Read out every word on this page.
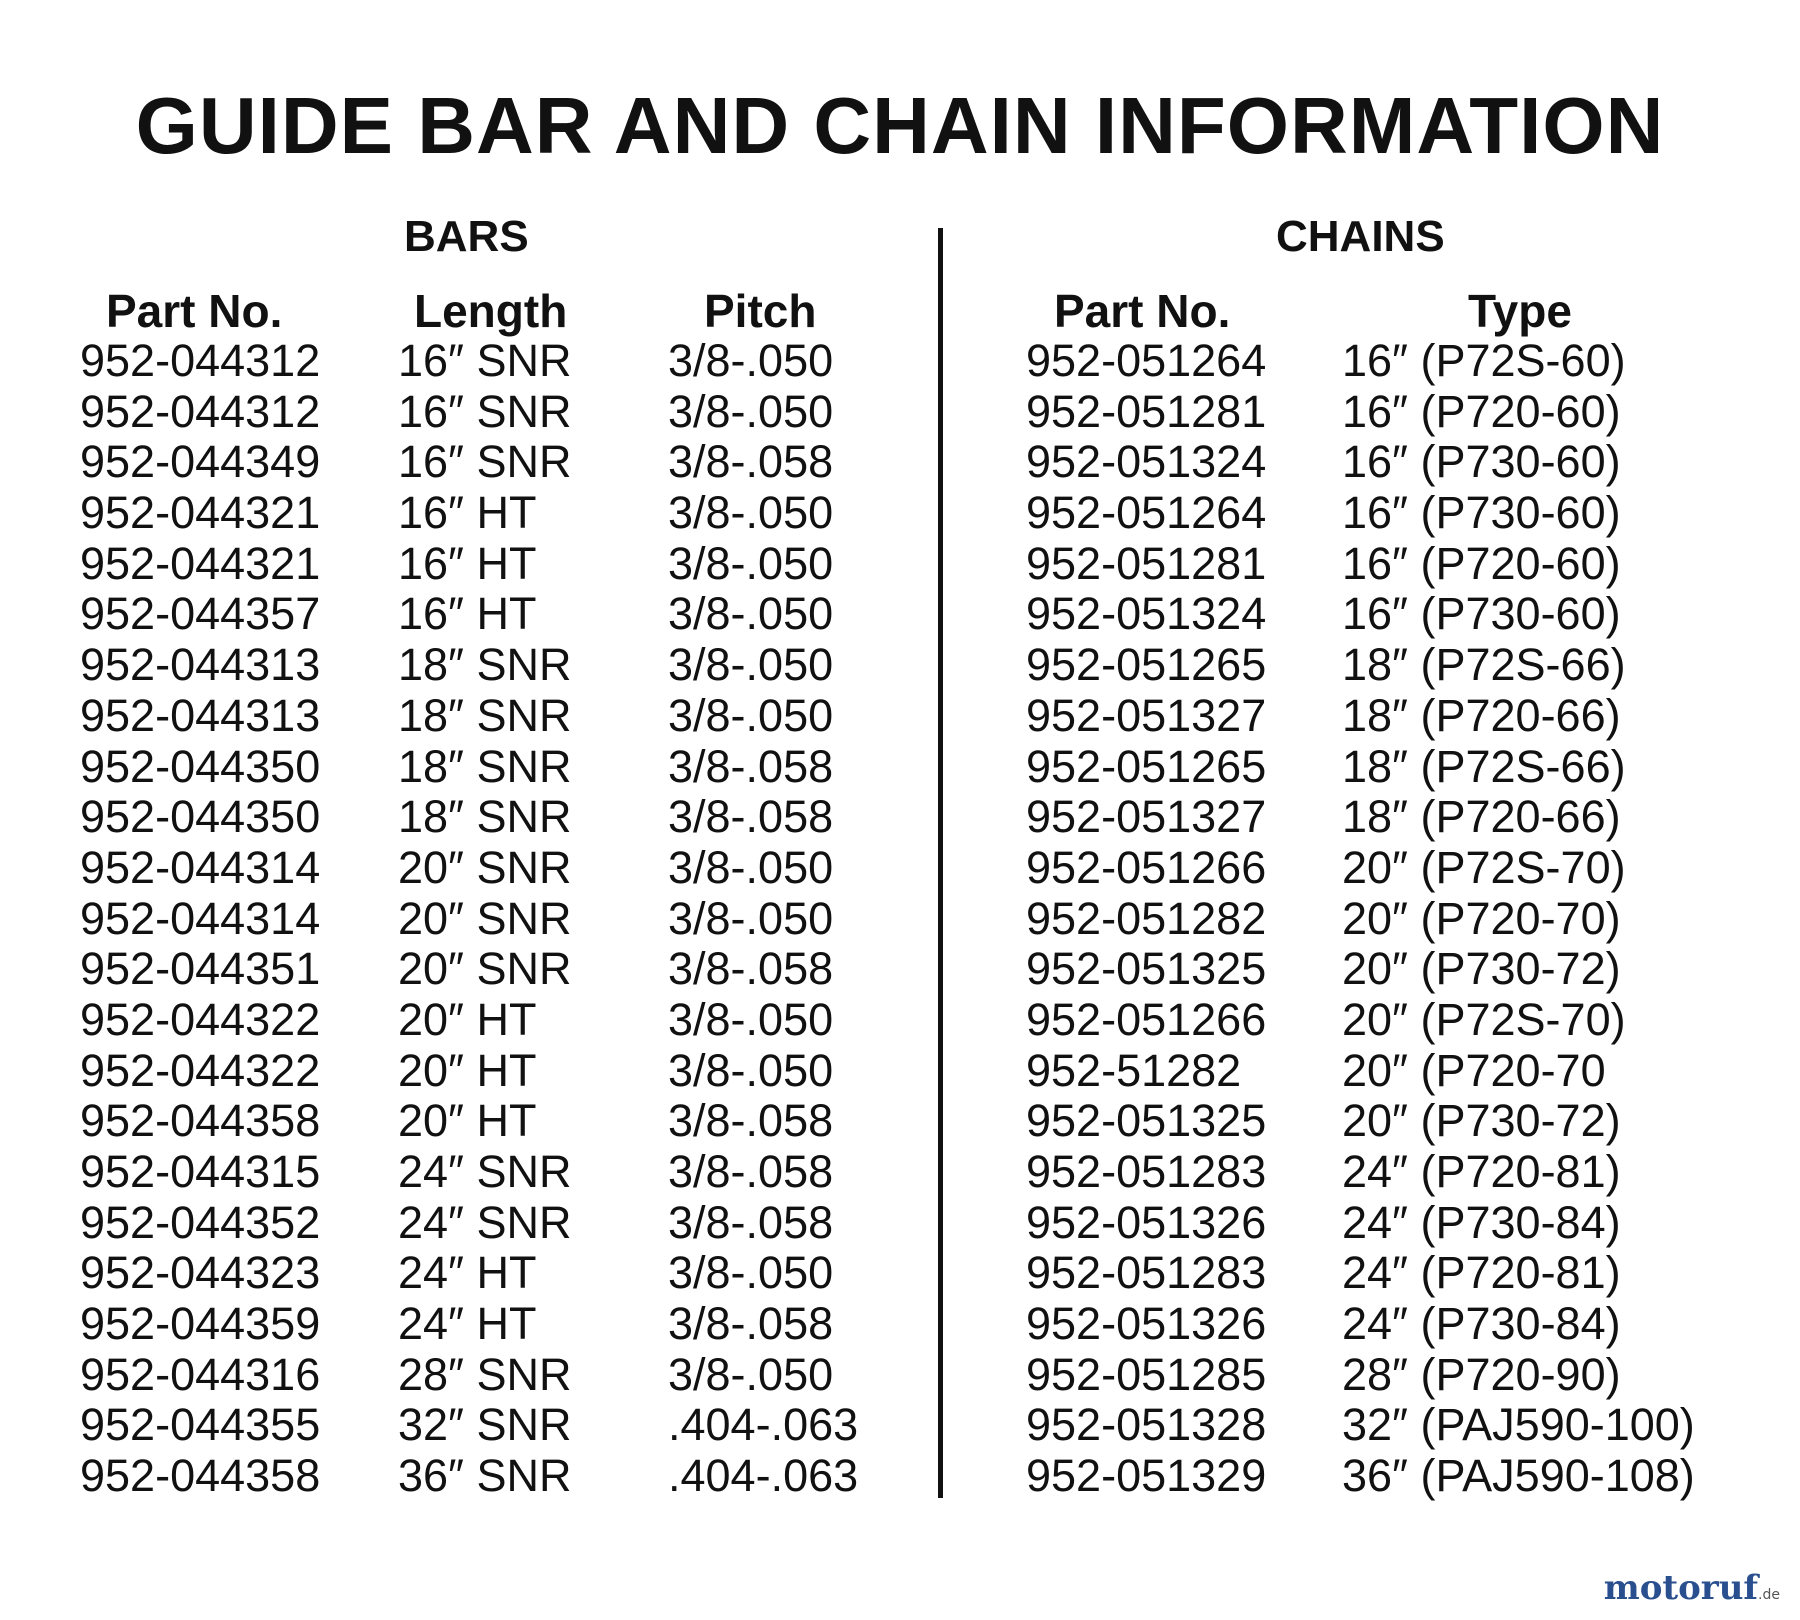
GUIDE BAR AND CHAIN INFORMATION
BARS	CHAINS
Part No.	Length	Pitch	Part No.	Type
952-044312 16″ SNR 3/8-.050	952-051264 16″ (P72S-60)
952-044312 16″ SNR 3/8-.050	952-051281 16″ (P720-60)
952-044349 16″ SNR 3/8-.058	952-051324 16″ (P730-60)
952-044321 16″ HT	3/8-.050	952-051264 16″ (P730-60)
952-044321 16″ HT	3/8-.050	952-051281 16″ (P720-60)
952-044357 16″ HT	3/8-.050	952-051324 16″ (P730-60)
952-044313 18″ SNR 3/8-.050	952-051265 18″ (P72S-66)
952-044313 18″ SNR 3/8-.050	952-051327 18″ (P720-66)
952-044350 18″ SNR 3/8-.058	952-051265 18″ (P72S-66)
952-044350 18″ SNR 3/8-.058	952-051327 18″ (P720-66)
952-044314 20″ SNR 3/8-.050	952-051266 20″ (P72S-70)
952-044314 20″ SNR 3/8-.050	952-051282 20″ (P720-70)
952-044351 20″ SNR 3/8-.058	952-051325 20″ (P730-72)
952-044322 20″ HT	3/8-.050	952-051266 20″ (P72S-70)
952-044322 20″ HT	3/8-.050	952-51282 20″ (P720-70
952-044358 20″ HT	3/8-.058	952-051325 20″ (P730-72)
952-044315 24″ SNR 3/8-.058	952-051283 24″ (P720-81)
952-044352 24″ SNR 3/8-.058	952-051326 24″ (P730-84)
952-044323 24″ HT	3/8-.050	952-051283 24″ (P720-81)
952-044359 24″ HT	3/8-.058	952-051326 24″ (P730-84)
952-044316 28″ SNR 3/8-.050	952-051285 28″ (P720-90)
952-044355 32″ SNR .404-.063	952-051328 32″ (PAJ590-100)
952-044358 36″ SNR .404-.063	952-051329 36″ (PAJ590-108)
motoruf.de
